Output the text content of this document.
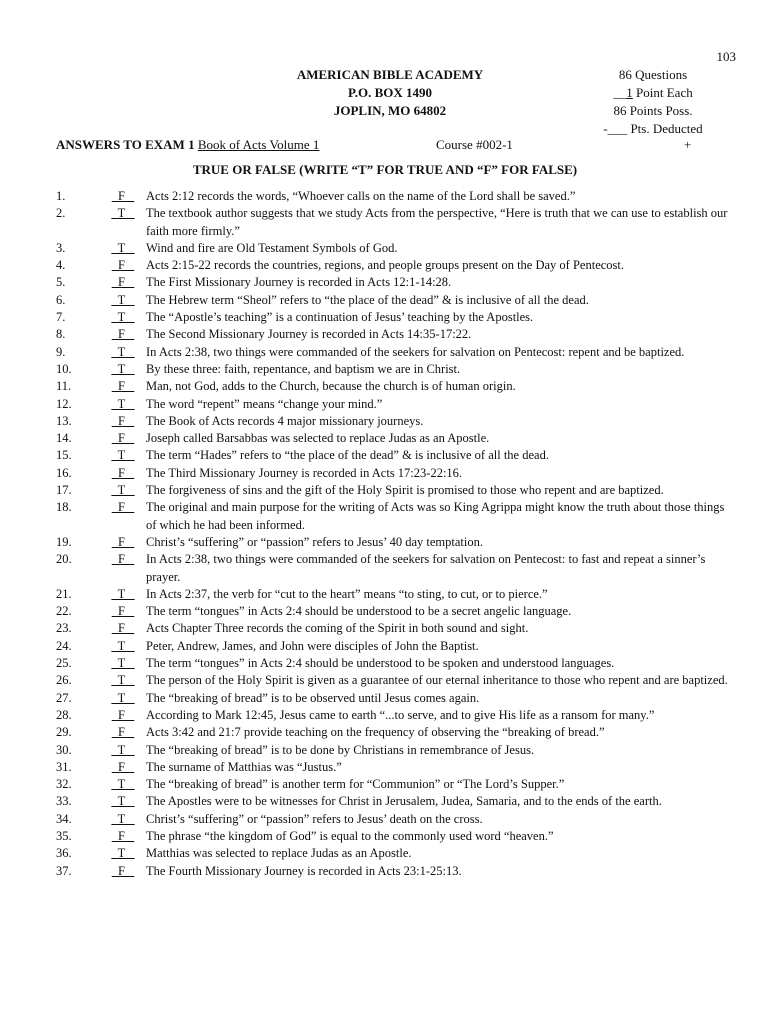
103
AMERICAN BIBLE ACADEMY
P.O. BOX 1490
JOPLIN, MO 64802
86 Questions
__1 Point Each
86 Points Poss.
-___ Pts. Deducted
ANSWERS TO EXAM 1 Book of Acts Volume 1	Course #002-1	+
TRUE OR FALSE (WRITE “T” FOR TRUE AND “F” FOR FALSE)
1.	F Acts 2:12 records the words, “Whoever calls on the name of the Lord shall be saved.”
2.	T The textbook author suggests that we study Acts from the perspective, “Here is truth that we can use to establish our faith more firmly.”
3.	T Wind and fire are Old Testament Symbols of God.
4.	F Acts 2:15-22 records the countries, regions, and people groups present on the Day of Pentecost.
5.	F The First Missionary Journey is recorded in Acts 12:1-14:28.
6.	T The Hebrew term “Sheol” refers to “the place of the dead” & is inclusive of all the dead.
7.	T The “Apostle’s teaching” is a continuation of Jesus’ teaching by the Apostles.
8.	F The Second Missionary Journey is recorded in Acts 14:35-17:22.
9.	T In Acts 2:38, two things were commanded of the seekers for salvation on Pentecost: repent and be baptized.
10.	T By these three: faith, repentance, and baptism we are in Christ.
11.	F Man, not God, adds to the Church, because the church is of human origin.
12.	T The word “repent” means “change your mind.”
13.	F The Book of Acts records 4 major missionary journeys.
14.	F Joseph called Barsabbas was selected to replace Judas as an Apostle.
15.	T The term “Hades” refers to “the place of the dead” & is inclusive of all the dead.
16.	F The Third Missionary Journey is recorded in Acts 17:23-22:16.
17.	T The forgiveness of sins and the gift of the Holy Spirit is promised to those who repent and are baptized.
18.	F The original and main purpose for the writing of Acts was so King Agrippa might know the truth about those things of which he had been informed.
19.	F Christ’s “suffering” or “passion” refers to Jesus’ 40 day temptation.
20.	F In Acts 2:38, two things were commanded of the seekers for salvation on Pentecost: to fast and repeat a sinner’s prayer.
21.	T In Acts 2:37, the verb for “cut to the heart” means “to sting, to cut, or to pierce.”
22.	F The term “tongues” in Acts 2:4 should be understood to be a secret angelic language.
23.	F Acts Chapter Three records the coming of the Spirit in both sound and sight.
24.	T Peter, Andrew, James, and John were disciples of John the Baptist.
25.	T The term “tongues” in Acts 2:4 should be understood to be spoken and understood languages.
26.	T The person of the Holy Spirit is given as a guarantee of our eternal inheritance to those who repent and are baptized.
27.	T The “breaking of bread” is to be observed until Jesus comes again.
28.	F According to Mark 12:45, Jesus came to earth “...to serve, and to give His life as a ransom for many.”
29.	F Acts 3:42 and 21:7 provide teaching on the frequency of observing the “breaking of bread.”
30.	T The “breaking of bread” is to be done by Christians in remembrance of Jesus.
31.	F The surname of Matthias was “Justus.”
32.	T The “breaking of bread” is another term for “Communion” or “The Lord’s Supper.”
33.	T The Apostles were to be witnesses for Christ in Jerusalem, Judea, Samaria, and to the ends of the earth.
34.	T Christ’s “suffering” or “passion” refers to Jesus’ death on the cross.
35.	F The phrase “the kingdom of God” is equal to the commonly used word “heaven.”
36.	T Matthias was selected to replace Judas as an Apostle.
37.	F The Fourth Missionary Journey is recorded in Acts 23:1-25:13.
